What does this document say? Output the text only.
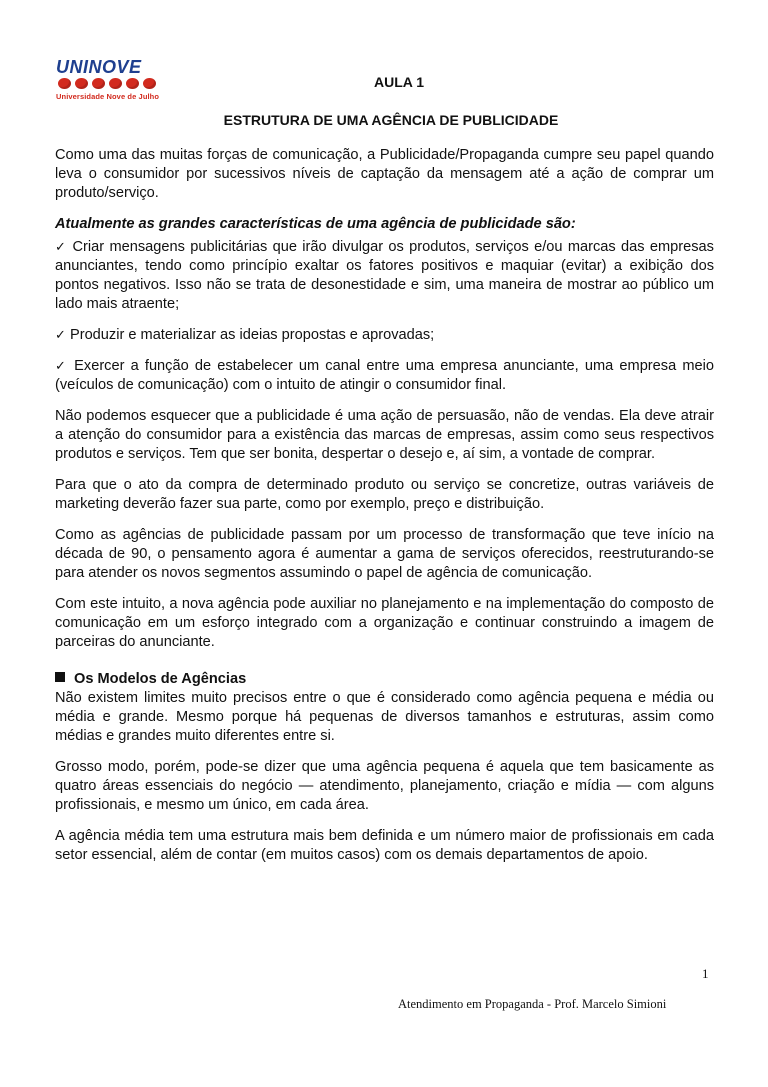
UNINOVE
Universidade Nove de Julho
AULA 1
ESTRUTURA DE UMA AGÊNCIA DE PUBLICIDADE

Como uma das muitas forças de comunicação, a Publicidade/Propaganda cumpre seu papel quando leva o consumidor por sucessivos níveis de captação da mensagem até a ação de comprar um produto/serviço.

Atualmente as grandes características de uma agência de publicidade são:

✓ Criar mensagens publicitárias que irão divulgar os produtos, serviços e/ou marcas das empresas anunciantes, tendo como princípio exaltar os fatores positivos e maquiar (evitar) a exibição dos pontos negativos. Isso não se trata de desonestidade e sim, uma maneira de mostrar ao público um lado mais atraente;

✓ Produzir e materializar as ideias propostas e aprovadas;

✓ Exercer a função de estabelecer um canal entre uma empresa anunciante, uma empresa meio (veículos de comunicação) com o intuito de atingir o consumidor final.

Não podemos esquecer que a publicidade é uma ação de persuasão, não de vendas. Ela deve atrair a atenção do consumidor para a existência das marcas de empresas, assim como seus respectivos produtos e serviços. Tem que ser bonita, despertar o desejo e, aí sim, a vontade de comprar.

Para que o ato da compra de determinado produto ou serviço se concretize, outras variáveis de marketing deverão fazer sua parte, como por exemplo, preço e distribuição.

Como as agências de publicidade passam por um processo de transformação que teve início na década de 90, o pensamento agora é aumentar a gama de serviços oferecidos, reestruturando-se para atender os novos segmentos assumindo o papel de agência de comunicação.

Com este intuito, a nova agência pode auxiliar no planejamento e na implementação do composto de comunicação em um esforço integrado com a organização e continuar construindo a imagem de parceiras do anunciante.

Os Modelos de Agências

Não existem limites muito precisos entre o que é considerado como agência pequena e média ou média e grande. Mesmo porque há pequenas de diversos tamanhos e estruturas, assim como médias e grandes muito diferentes entre si.

Grosso modo, porém, pode-se dizer que uma agência pequena é aquela que tem basicamente as quatro áreas essenciais do negócio — atendimento, planejamento, criação e mídia — com alguns profissionais, e mesmo um único, em cada área.

A agência média tem uma estrutura mais bem definida e um número maior de profissionais em cada setor essencial, além de contar (em muitos casos) com os demais departamentos de apoio.

1
Atendimento em Propaganda - Prof. Marcelo Simioni
